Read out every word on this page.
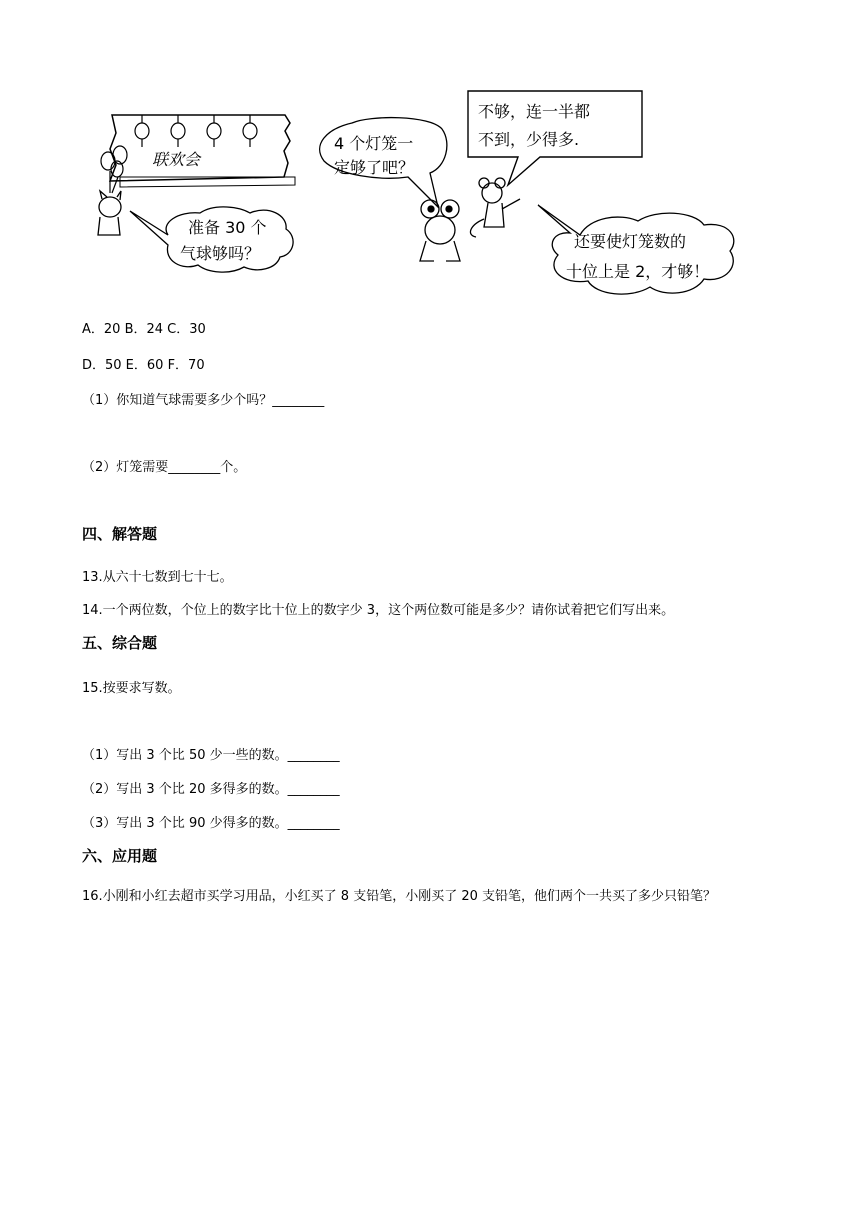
联欢会
准备 30 个
气球够吗？
4 个灯笼一
定够了吧？
不够，连一半都
不到，少得多.
还要使灯笼数的
十位上是 2，才够！
A．20 B．24 C．30
D．50 E．60 F．70
（1）你知道气球需要多少个吗？________
（2）灯笼需要________个。
四、解答题
13.从六十七数到七十七。
14.一个两位数，个位上的数字比十位上的数字少 3，这个两位数可能是多少？请你试着把它们写出来。
五、综合题
15.按要求写数。
（1）写出 3 个比 50 少一些的数。________
（2）写出 3 个比 20 多得多的数。________
（3）写出 3 个比 90 少得多的数。________
六、应用题
16.小刚和小红去超市买学习用品，小红买了 8 支铅笔，小刚买了 20 支铅笔，他们两个一共买了多少只铅笔？
